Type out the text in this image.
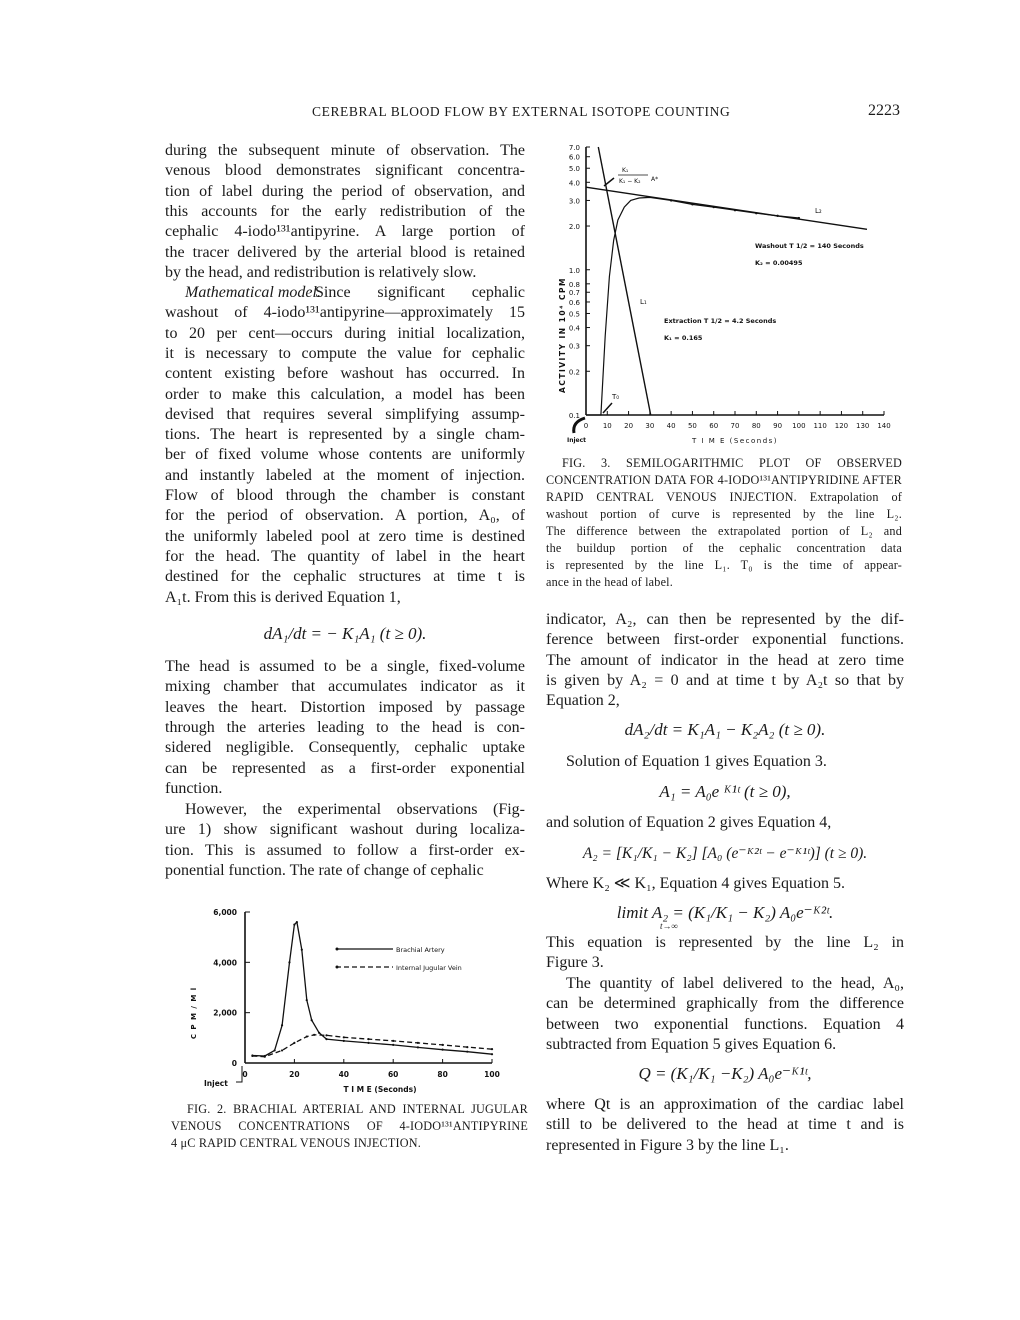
CEREBRAL BLOOD FLOW BY EXTERNAL ISOTOPE COUNTING	2223
during the subsequent minute of observation. The
venous blood demonstrates significant concentra-
tion of label during the period of observation, and
this accounts for the early redistribution of the
cephalic 4-iodo¹³¹antipyrine. A large portion of
the tracer delivered by the arterial blood is retained
by the head, and redistribution is relatively slow.
Mathematical model.
Since significant cephalic
washout of 4-iodo¹³¹antipyrine—approximately 15
to 20 per cent—occurs during initial localization,
it is necessary to compute the value for cephalic
content existing before washout has occurred. In
order to make this calculation, a model has been
devised that requires several simplifying assump-
tions. The heart is represented by a single cham-
ber of fixed volume whose contents are uniformly
and instantly labeled at the moment of injection.
Flow of blood through the chamber is constant
for the period of observation. A portion, A₀, of
the uniformly labeled pool at zero time is destined
for the head. The quantity of label in the heart
destined for the cephalic structures at time t is
A₁t. From this is derived Equation 1,
dA₁/dt = − K₁A₁ (t ≥ 0).
The head is assumed to be a single, fixed-volume
mixing chamber that accumulates indicator as it
leaves the heart. Distortion imposed by passage
through the arteries leading to the head is con-
sidered negligible. Consequently, cephalic uptake
can be represented as a first-order exponential
function.
However, the experimental observations (Fig-
ure 1) show significant washout during localiza-
tion. This is assumed to follow a first-order ex-
ponential function. The rate of change of cephalic
indicator, A₂, can then be represented by the dif-
ference between first-order exponential functions.
The amount of indicator in the head at zero time
is given by A₂ = 0 and at time t by A₂t so that by
Equation 2,
dA₂/dt = K₁A₁ − K₂A₂ (t ≥ 0).
Solution of Equation 1 gives Equation 3.
A₁ = A₀e ᴷ¹ᵗ (t ≥ 0),
and solution of Equation 2 gives Equation 4,
A₂ = [K₁/K₁ − K₂] [A₀ (e⁻ᴷ²ᵗ − e⁻ᴷ¹ᵗ)] (t ≥ 0).
Where K₂ ≪ K₁, Equation 4 gives Equation 5.
limit A₂ = (K₁/K₁ − K₂) A₀e⁻ᴷ²ᵗ.
t→∞
This equation is represented by the line L₂ in
Figure 3.
The quantity of label delivered to the head, A₀,
can be determined graphically from the difference
between two exponential functions. Equation 4
subtracted from Equation 5 gives Equation 6.
Q = (K₁/K₁ −K₂) A₀e⁻ᴷ¹ᵗ,
where Qt is an approximation of the cardiac label
still to be delivered to the head at time t and is
represented in Figure 3 by the line L₁.
FIG. 3. SEMILOGARITHMIC PLOT OF OBSERVED
CONCENTRATION DATA FOR 4-IODO¹³¹ANTIPYRIDINE AFTER
RAPID CENTRAL VENOUS INJECTION. Extrapolation of
washout portion of curve is represented by the line L₂.
The difference between the extrapolated portion of L₂ and
the buildup portion of the cephalic concentration data
is represented by the line L₁. T₀ is the time of appear-
ance in the head of label.
FIG. 2. BRACHIAL ARTERIAL AND INTERNAL JUGULAR
VENOUS CONCENTRATIONS OF 4-IODO¹³¹ANTIPYRINE
4 μC RAPID CENTRAL VENOUS INJECTION.
0 10 20 30 40 50 60 70 80 90 100 110 120 130 140
0.1
0.2
0.3
0.4
0.5
0.6
0.7
0.8
1.0
2.0
3.0
4.0
5.0
6.0
7.0
ACTIVITY IN 10⁴ CPM
T I M E (Seconds)
K₁
K₁ − K₂ A*
L₂
Washout T 1/2 = 140 Seconds
K₂ = 0.00495
L₁
Extraction T 1/2 = 4.2 Seconds
K₁ = 0.165
T₀
Inject
0	20	40	60	80	100
0
2,000
4,000
6,000
Brachial Artery
Internal Jugular Vein
C P M / M l
T I M E (Seconds)
Inject
